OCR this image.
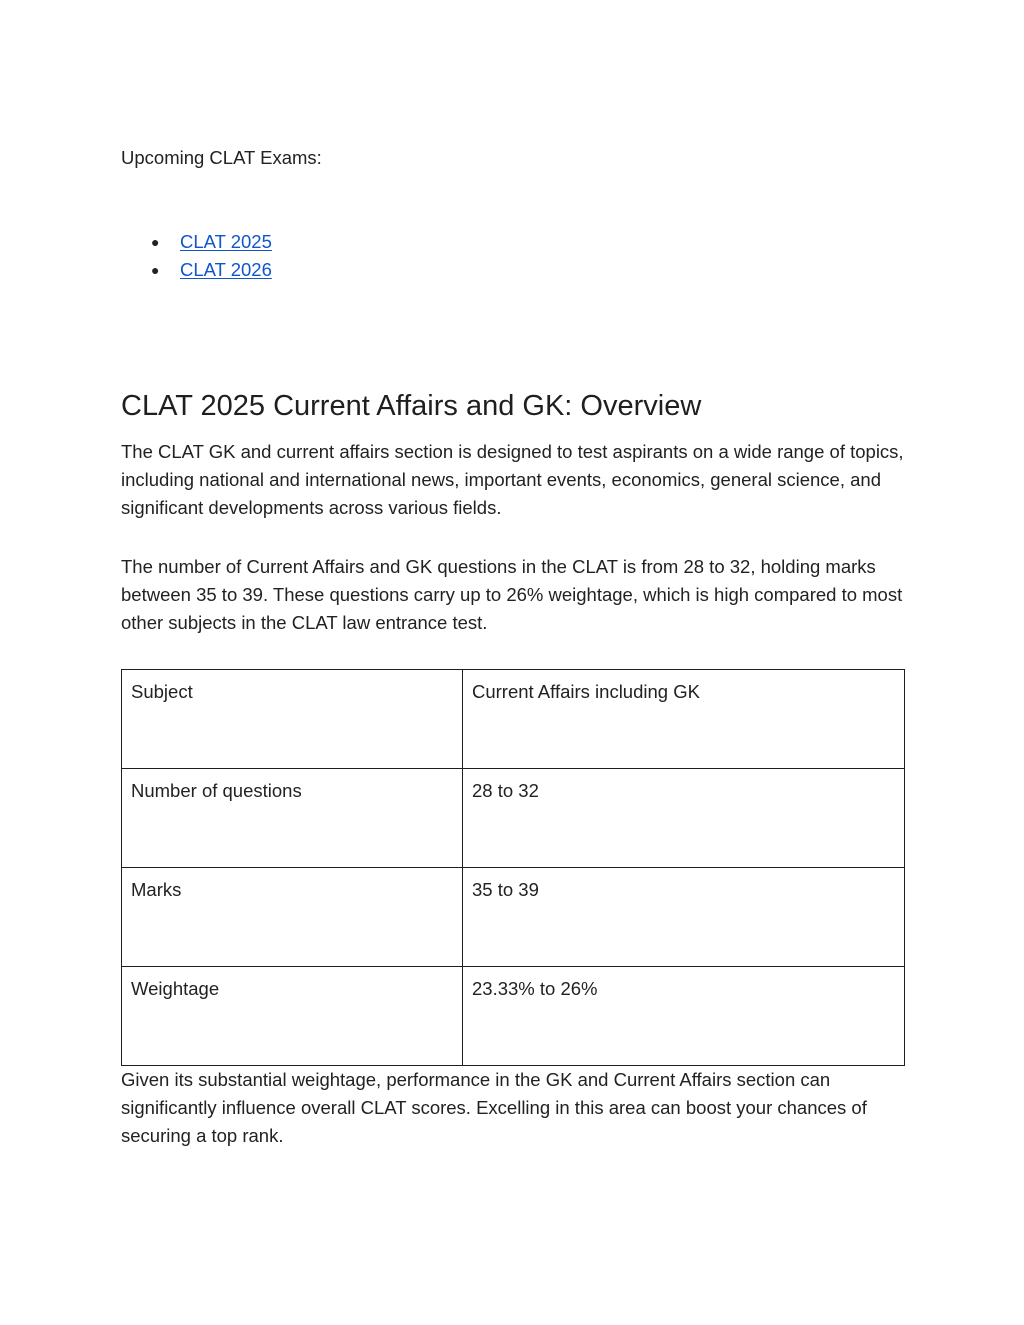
Upcoming CLAT Exams:

● CLAT 2025
● CLAT 2026
CLAT 2025 Current Affairs and GK: Overview

The CLAT GK and current affairs section is designed to test aspirants on a wide range of topics, including national and international news, important events, economics, general science, and significant developments across various fields.

The number of Current Affairs and GK questions in the CLAT is from 28 to 32, holding marks between 35 to 39. These questions carry up to 26% weightage, which is high compared to most other subjects in the CLAT law entrance test.

Subject	Current Affairs including GK
Number of questions	28 to 32
Marks	35 to 39
Weightage	23.33% to 26%

Given its substantial weightage, performance in the GK and Current Affairs section can significantly influence overall CLAT scores. Excelling in this area can boost your chances of securing a top rank.
